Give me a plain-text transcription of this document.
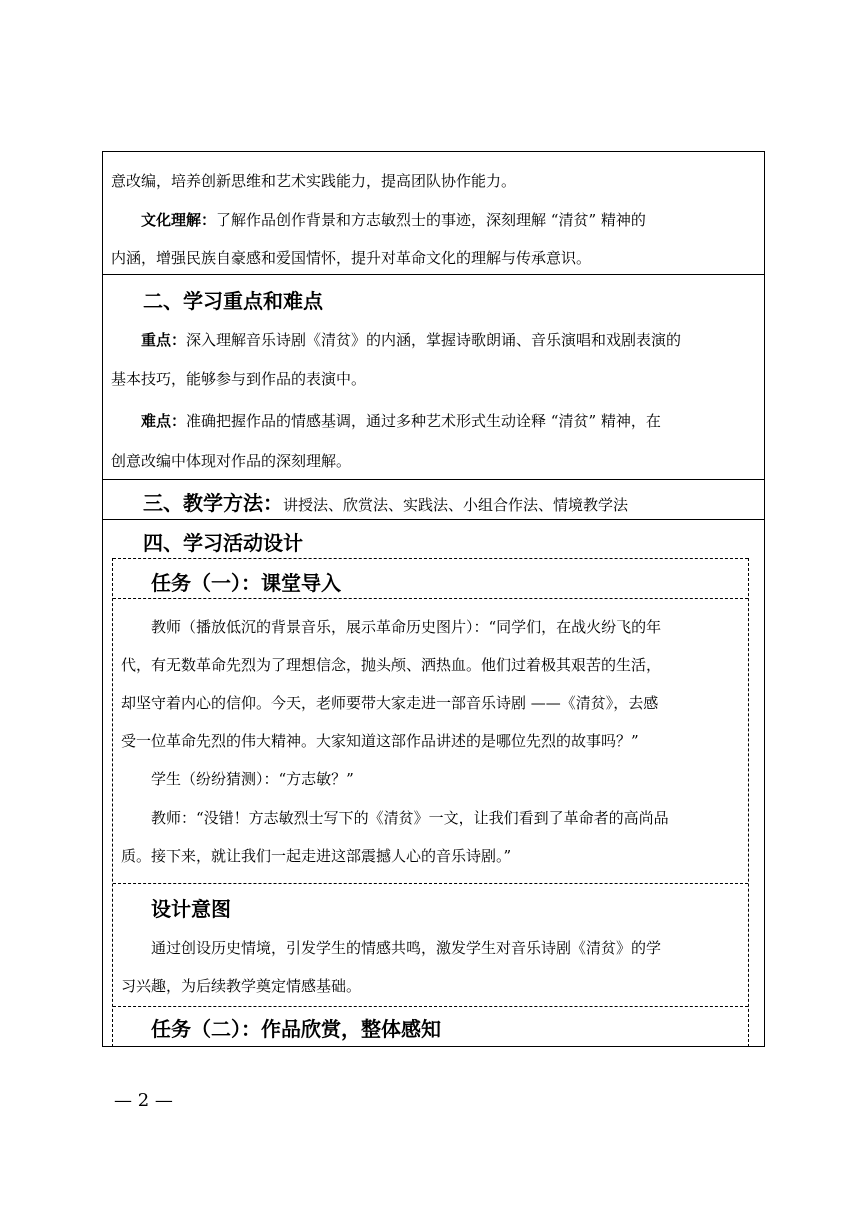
意改编，培养创新思维和艺术实践能力，提高团队协作能力。

文化理解：了解作品创作背景和方志敏烈士的事迹，深刻理解 “清贫” 精神的

内涵，增强民族自豪感和爱国情怀，提升对革命文化的理解与传承意识。

二、学习重点和难点

重点：深入理解音乐诗剧《清贫》的内涵，掌握诗歌朗诵、音乐演唱和戏剧表演的

基本技巧，能够参与到作品的表演中。

难点：准确把握作品的情感基调，通过多种艺术形式生动诠释 “清贫” 精神，在

创意改编中体现对作品的深刻理解。

三、教学方法：讲授法、欣赏法、实践法、小组合作法、情境教学法
四、学习活动设计
任务（一）：课堂导入

教师（播放低沉的背景音乐，展示革命历史图片）：“同学们，在战火纷飞的年

代，有无数革命先烈为了理想信念，抛头颅、洒热血。他们过着极其艰苦的生活，

却坚守着内心的信仰。今天，老师要带大家走进一部音乐诗剧 ——《清贫》，去感

受一位革命先烈的伟大精神。大家知道这部作品讲述的是哪位先烈的故事吗？”

学生（纷纷猜测）：“方志敏？”

教师：“没错！方志敏烈士写下的《清贫》一文，让我们看到了革命者的高尚品

质。接下来，就让我们一起走进这部震撼人心的音乐诗剧。”

设计意图

通过创设历史情境，引发学生的情感共鸣，激发学生对音乐诗剧《清贫》的学

习兴趣，为后续教学奠定情感基础。

任务（二）：作品欣赏，整体感知
— 2 —
